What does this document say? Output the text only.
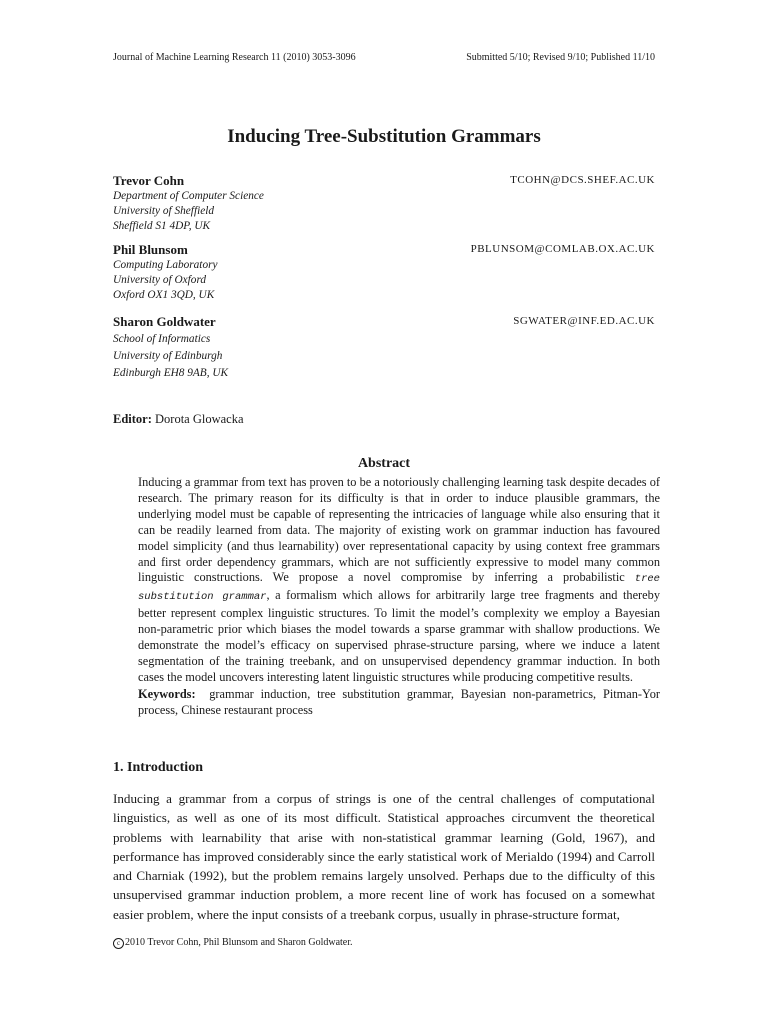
Journal of Machine Learning Research 11 (2010) 3053-3096	Submitted 5/10; Revised 9/10; Published 11/10
Inducing Tree-Substitution Grammars
Trevor Cohn	TCOHN@DCS.SHEF.AC.UK
Department of Computer Science
University of Sheffield
Sheffield S1 4DP, UK
Phil Blunsom	PBLUNSOM@COMLAB.OX.AC.UK
Computing Laboratory
University of Oxford
Oxford OX1 3QD, UK
Sharon Goldwater	SGWATER@INF.ED.AC.UK
School of Informatics
University of Edinburgh
Edinburgh EH8 9AB, UK
Editor: Dorota Glowacka
Abstract

Inducing a grammar from text has proven to be a notoriously challenging learning task despite decades of research. The primary reason for its difficulty is that in order to induce plausible grammars, the underlying model must be capable of representing the intricacies of language while also ensuring that it can be readily learned from data. The majority of existing work on grammar induction has favoured model simplicity (and thus learnability) over representational capacity by using context free grammars and first order dependency grammars, which are not sufficiently expressive to model many common linguistic constructions. We propose a novel compromise by inferring a probabilistic tree substitution grammar, a formalism which allows for arbitrarily large tree fragments and thereby better represent complex linguistic structures. To limit the model’s complexity we employ a Bayesian non-parametric prior which biases the model towards a sparse grammar with shallow productions. We demonstrate the model’s efficacy on supervised phrase-structure parsing, where we induce a latent segmentation of the training treebank, and on unsupervised dependency grammar induction. In both cases the model uncovers interesting latent linguistic structures while producing competitive results.

Keywords: grammar induction, tree substitution grammar, Bayesian non-parametrics, Pitman-Yor process, Chinese restaurant process

1. Introduction

Inducing a grammar from a corpus of strings is one of the central challenges of computational linguistics, as well as one of its most difficult. Statistical approaches circumvent the theoretical problems with learnability that arise with non-statistical grammar learning (Gold, 1967), and performance has improved considerably since the early statistical work of Merialdo (1994) and Carroll and Charniak (1992), but the problem remains largely unsolved. Perhaps due to the difficulty of this unsupervised grammar induction problem, a more recent line of work has focused on a somewhat easier problem, where the input consists of a treebank corpus, usually in phrase-structure format,

c 2010 Trevor Cohn, Phil Blunsom and Sharon Goldwater.
